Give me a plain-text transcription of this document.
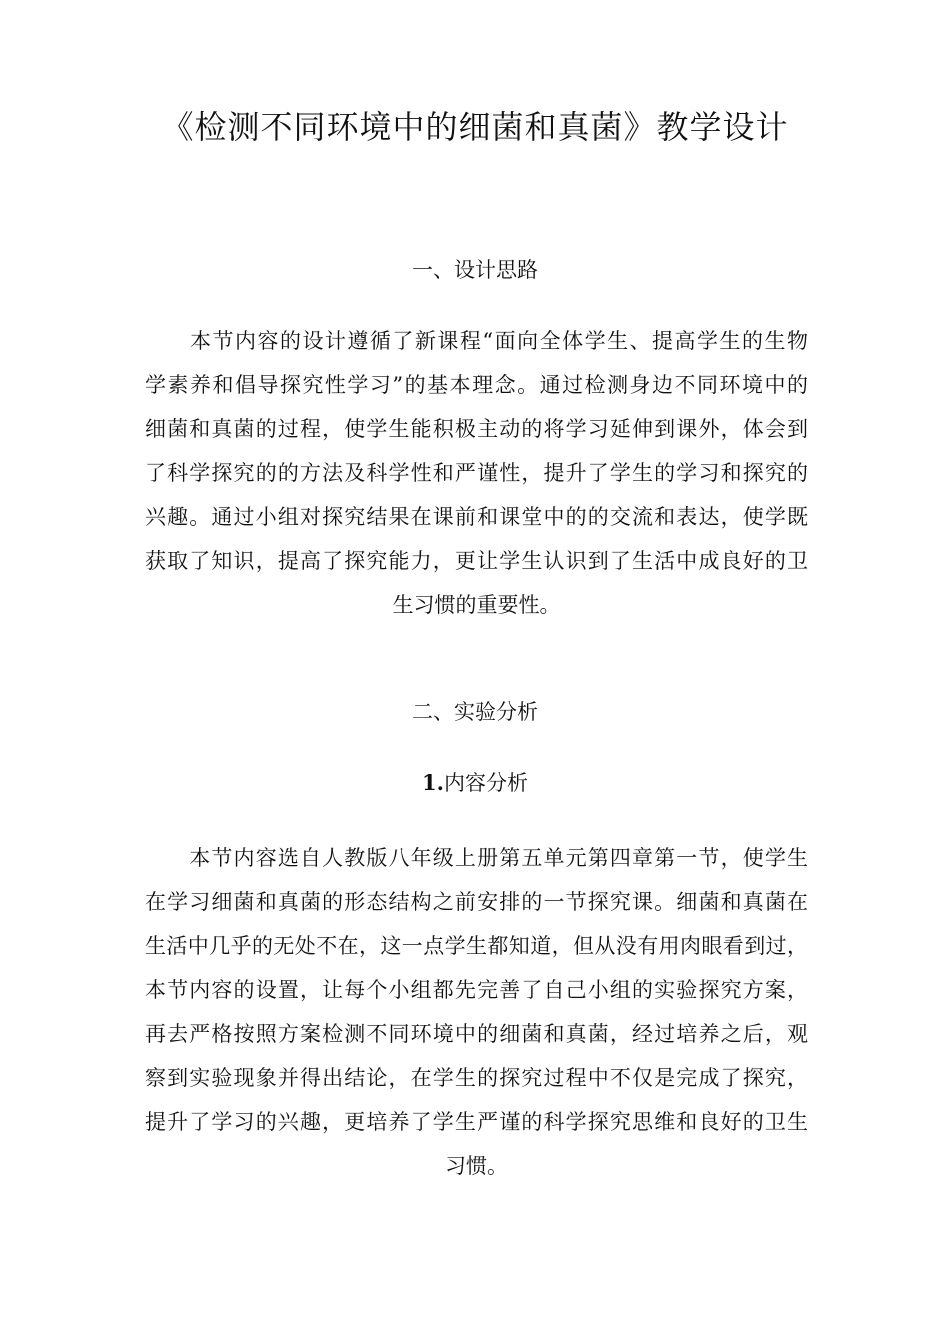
《检测不同环境中的细菌和真菌》教学设计
一、设计思路
　　本节内容的设计遵循了新课程“面向全体学生、提高学生的生物
学素养和倡导探究性学习”的基本理念。通过检测身边不同环境中的
细菌和真菌的过程，使学生能积极主动的将学习延伸到课外，体会到
了科学探究的的方法及科学性和严谨性，提升了学生的学习和探究的
兴趣。通过小组对探究结果在课前和课堂中的的交流和表达，使学既
获取了知识，提高了探究能力，更让学生认识到了生活中成良好的卫
生习惯的重要性。
二、实验分析
1.内容分析
　　本节内容选自人教版八年级上册第五单元第四章第一节，使学生
在学习细菌和真菌的形态结构之前安排的一节探究课。细菌和真菌在
生活中几乎的无处不在，这一点学生都知道，但从没有用肉眼看到过，
本节内容的设置，让每个小组都先完善了自己小组的实验探究方案，
再去严格按照方案检测不同环境中的细菌和真菌，经过培养之后，观
察到实验现象并得出结论，在学生的探究过程中不仅是完成了探究，
提升了学习的兴趣，更培养了学生严谨的科学探究思维和良好的卫生
习惯。
